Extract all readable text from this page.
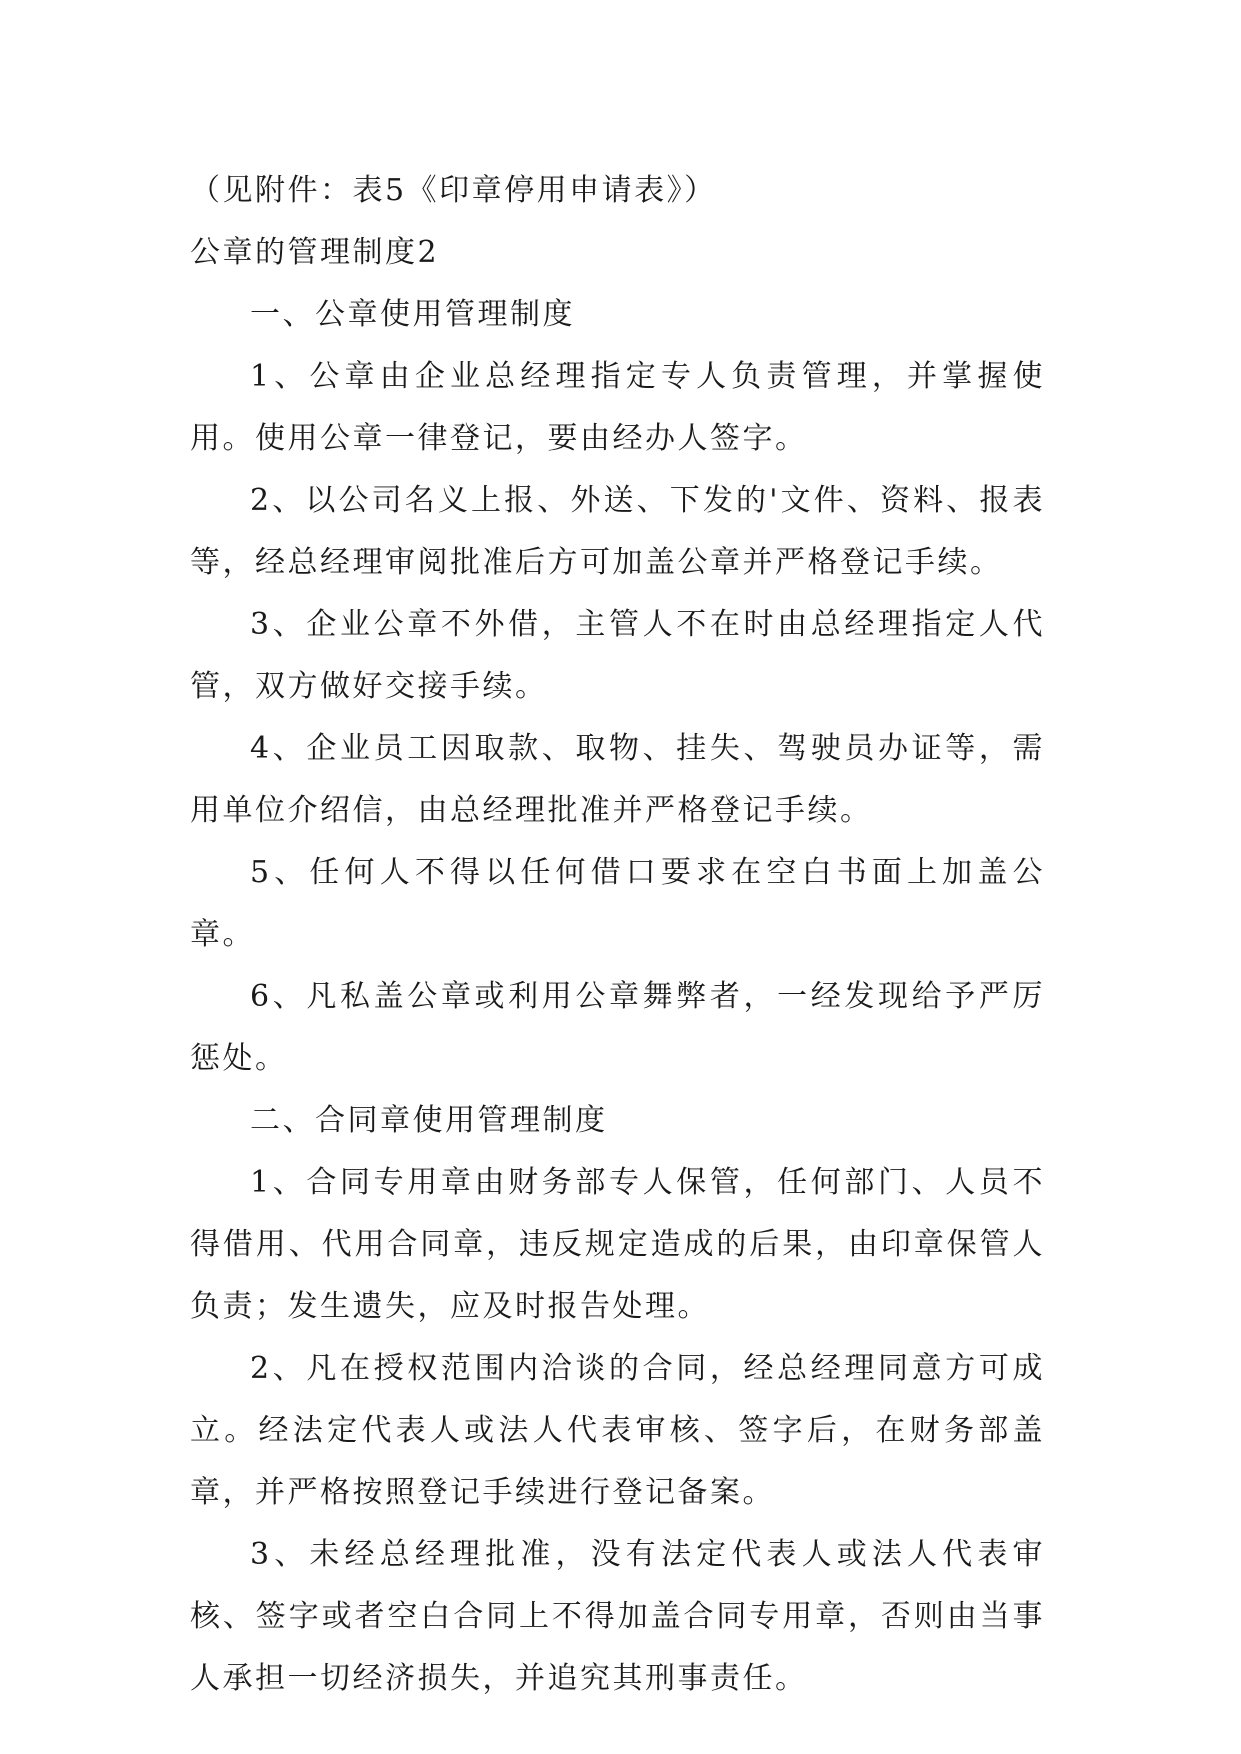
（见附件：表5《印章停用申请表》）

公章的管理制度2

一、公章使用管理制度

1、公章由企业总经理指定专人负责管理，并掌握使用。使用公章一律登记，要由经办人签字。

2、以公司名义上报、外送、下发的'文件、资料、报表等，经总经理审阅批准后方可加盖公章并严格登记手续。

3、企业公章不外借，主管人不在时由总经理指定人代管，双方做好交接手续。

4、企业员工因取款、取物、挂失、驾驶员办证等，需用单位介绍信，由总经理批准并严格登记手续。

5、任何人不得以任何借口要求在空白书面上加盖公章。

6、凡私盖公章或利用公章舞弊者，一经发现给予严厉惩处。

二、合同章使用管理制度

1、合同专用章由财务部专人保管，任何部门、人员不得借用、代用合同章，违反规定造成的后果，由印章保管人负责；发生遗失，应及时报告处理。

2、凡在授权范围内洽谈的合同，经总经理同意方可成立。经法定代表人或法人代表审核、签字后，在财务部盖章，并严格按照登记手续进行登记备案。

3、未经总经理批准，没有法定代表人或法人代表审核、签字或者空白合同上不得加盖合同专用章，否则由当事人承担一切经济损失，并追究其刑事责任。
